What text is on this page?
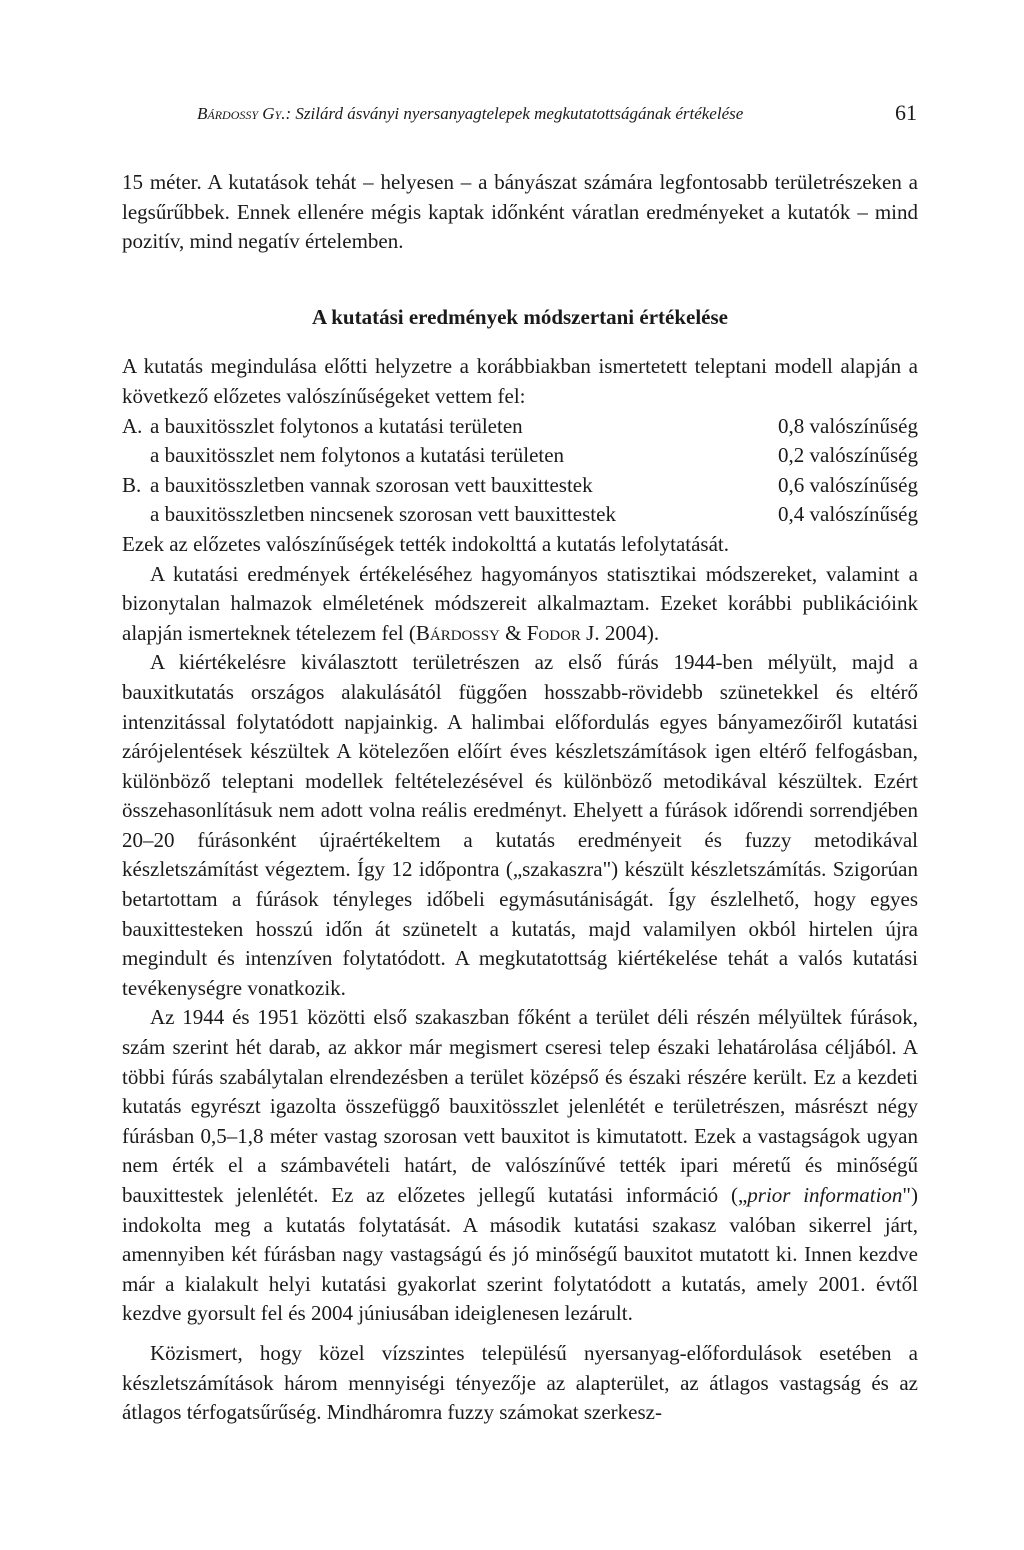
Bárdossy Gy.: Szilárd ásványi nyersanyagtelepek megkutatottságának értékelése	61

15 méter. A kutatások tehát – helyesen – a bányászat számára legfontosabb területrészeken a legsűrűbbek. Ennek ellenére mégis kaptak időnként váratlan eredményeket a kutatók – mind pozitív, mind negatív értelemben.

A kutatási eredmények módszertani értékelése

A kutatás megindulása előtti helyzetre a korábbiakban ismertetett teleptani modell alapján a következő előzetes valószínűségeket vettem fel:

A. a bauxitösszlet folytonos a kutatási területen	0,8 valószínűség
a bauxitösszlet nem folytonos a kutatási területen	0,2 valószínűség
B. a bauxitösszletben vannak szorosan vett bauxittestek	0,6 valószínűség
a bauxitösszletben nincsenek szorosan vett bauxittestek	0,4 valószínűség

Ezek az előzetes valószínűségek tették indokolttá a kutatás lefolytatását.

A kutatási eredmények értékeléséhez hagyományos statisztikai módszereket, valamint a bizonytalan halmazok elméletének módszereit alkalmaztam. Ezeket korábbi publikációink alapján ismerteknek tételezem fel (Bárdossy & Fodor J. 2004).

A kiértékelésre kiválasztott területrészen az első fúrás 1944-ben mélyült, majd a bauxitkutatás országos alakulásától függően hosszabb-rövidebb szünetekkel és eltérő intenzitással folytatódott napjainkig. A halimbai előfordulás egyes bányamezőiről kutatási zárójelentések készültek A kötelezően előírt éves készletszámítások igen eltérő felfogásban, különböző teleptani modellek feltételezésével és különböző metodikával készültek. Ezért összehasonlításuk nem adott volna reális eredményt. Ehelyett a fúrások időrendi sorrendjében 20–20 fúrásonként újraértékeltem a kutatás eredményeit és fuzzy metodikával készletszámítást végeztem. Így 12 időpontra („szakaszra") készült készletszámítás. Szigorúan betartottam a fúrások tényleges időbeli egymásutániságát. Így észlelhető, hogy egyes bauxittesteken hosszú időn át szünetelt a kutatás, majd valamilyen okból hirtelen újra megindult és intenzíven folytatódott. A megkutatottság kiértékelése tehát a valós kutatási tevékenységre vonatkozik.

Az 1944 és 1951 közötti első szakaszban főként a terület déli részén mélyültek fúrások, szám szerint hét darab, az akkor már megismert cseresi telep északi lehatárolása céljából. A többi fúrás szabálytalan elrendezésben a terület középső és északi részére került. Ez a kezdeti kutatás egyrészt igazolta összefüggő bauxitösszlet jelenlétét e területrészen, másrészt négy fúrásban 0,5–1,8 méter vastag szorosan vett bauxitot is kimutatott. Ezek a vastagságok ugyan nem érték el a számbavételi határt, de valószínűvé tették ipari méretű és minőségű bauxittestek jelenlétét. Ez az előzetes jellegű kutatási információ („prior information") indokolta meg a kutatás folytatását. A második kutatási szakasz valóban sikerrel járt, amennyiben két fúrásban nagy vastagságú és jó minőségű bauxitot mutatott ki. Innen kezdve már a kialakult helyi kutatási gyakorlat szerint folytatódott a kutatás, amely 2001. évtől kezdve gyorsult fel és 2004 júniusában ideiglenesen lezárult.

Közismert, hogy közel vízszintes településű nyersanyag-előfordulások esetében a készletszámítások három mennyiségi tényezője az alapterület, az átlagos vastagság és az átlagos térfogatsűrűség. Mindháromra fuzzy számokat szerkesz-
